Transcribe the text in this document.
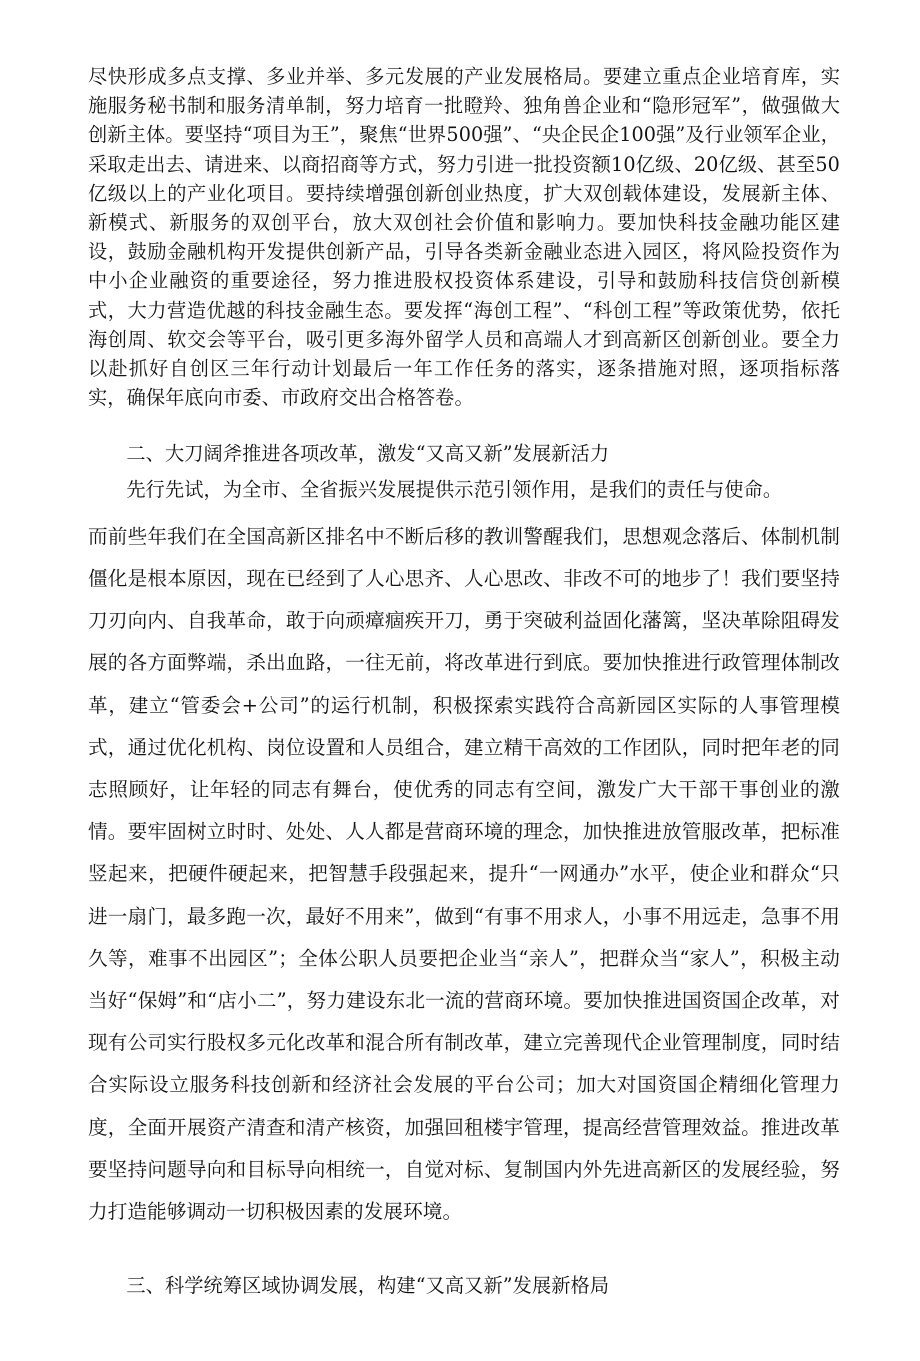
尽快形成多点支撑、多业并举、多元发展的产业发展格局。要建立重点企业培育库，实施服务秘书制和服务清单制，努力培育一批瞪羚、独角兽企业和“隐形冠军”，做强做大创新主体。要坚持“项目为王”，聚焦“世界500强”、“央企民企100强”及行业领军企业，采取走出去、请进来、以商招商等方式，努力引进一批投资额10亿级、20亿级、甚至50亿级以上的产业化项目。要持续增强创新创业热度，扩大双创载体建设，发展新主体、新模式、新服务的双创平台，放大双创社会价值和影响力。要加快科技金融功能区建设，鼓励金融机构开发提供创新产品，引导各类新金融业态进入园区，将风险投资作为中小企业融资的重要途径，努力推进股权投资体系建设，引导和鼓励科技信贷创新模式，大力营造优越的科技金融生态。要发挥“海创工程”、“科创工程”等政策优势，依托海创周、软交会等平台，吸引更多海外留学人员和高端人才到高新区创新创业。要全力以赴抓好自创区三年行动计划最后一年工作任务的落实，逐条措施对照，逐项指标落实，确保年底向市委、市政府交出合格答卷。

二、大刀阔斧推进各项改革，激发“又高又新”发展新活力

先行先试，为全市、全省振兴发展提供示范引领作用，是我们的责任与使命。

而前些年我们在全国高新区排名中不断后移的教训警醒我们，思想观念落后、体制机制僵化是根本原因，现在已经到了人心思齐、人心思改、非改不可的地步了！我们要坚持刀刃向内、自我革命，敢于向顽瘴痼疾开刀，勇于突破利益固化藩篱，坚决革除阻碍发展的各方面弊端，杀出血路，一往无前，将改革进行到底。要加快推进行政管理体制改革，建立“管委会+公司”的运行机制，积极探索实践符合高新园区实际的人事管理模式，通过优化机构、岗位设置和人员组合，建立精干高效的工作团队，同时把年老的同志照顾好，让年轻的同志有舞台，使优秀的同志有空间，激发广大干部干事创业的激情。要牢固树立时时、处处、人人都是营商环境的理念，加快推进放管服改革，把标准竖起来，把硬件硬起来，把智慧手段强起来，提升“一网通办”水平，使企业和群众“只进一扇门，最多跑一次，最好不用来”，做到“有事不用求人，小事不用远走，急事不用久等，难事不出园区”；全体公职人员要把企业当“亲人”，把群众当“家人”，积极主动当好“保姆”和“店小二”，努力建设东北一流的营商环境。要加快推进国资国企改革，对现有公司实行股权多元化改革和混合所有制改革，建立完善现代企业管理制度，同时结合实际设立服务科技创新和经济社会发展的平台公司；加大对国资国企精细化管理力度，全面开展资产清查和清产核资，加强回租楼宇管理，提高经营管理效益。推进改革要坚持问题导向和目标导向相统一，自觉对标、复制国内外先进高新区的发展经验，努力打造能够调动一切积极因素的发展环境。

三、科学统筹区域协调发展，构建“又高又新”发展新格局
